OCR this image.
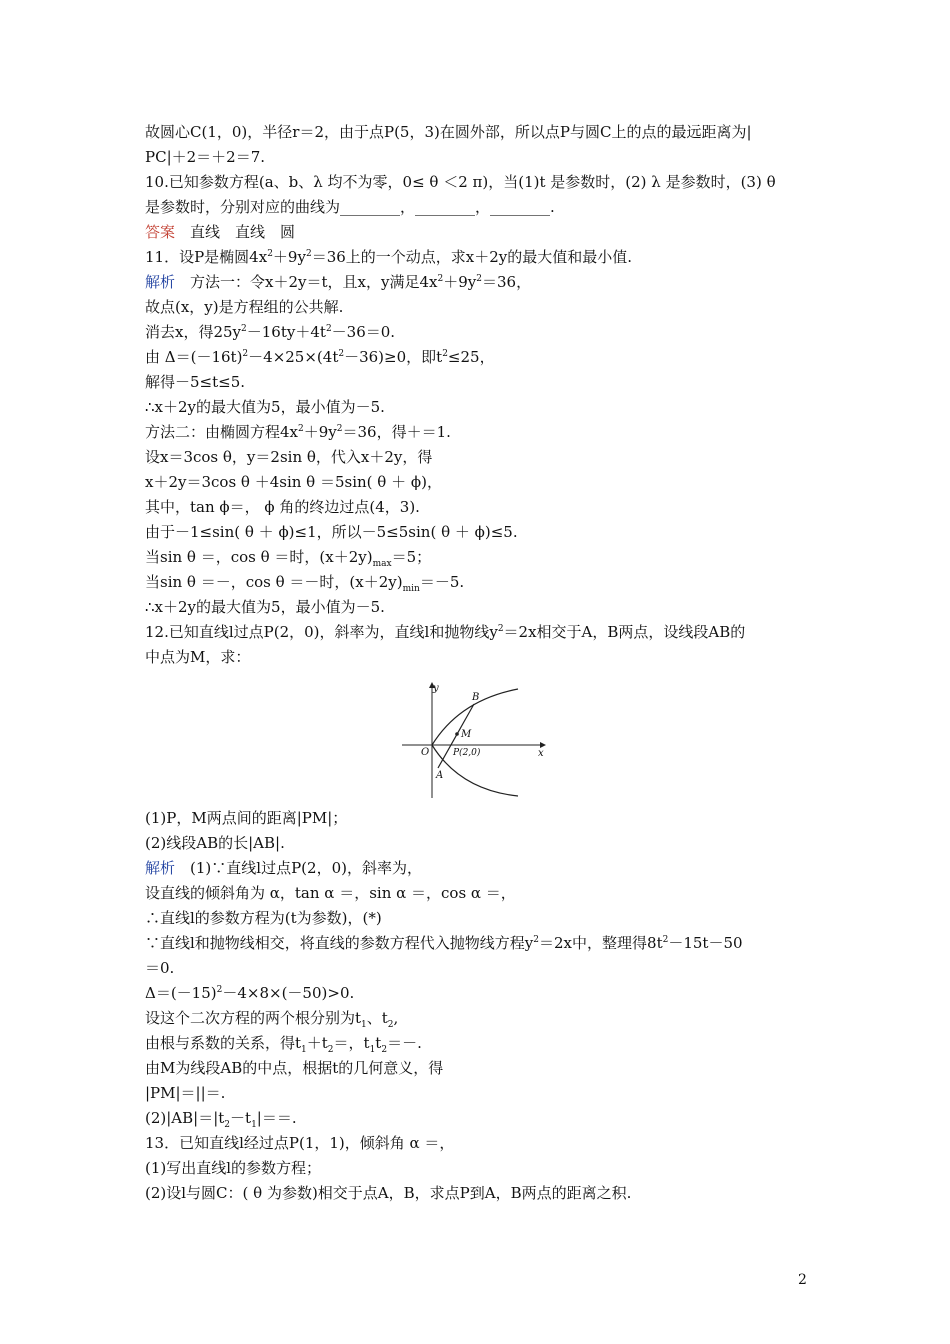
故圆心C(1，0)，半径r＝2，由于点P(5，3)在圆外部，所以点P与圆C上的点的最远距离为|
PC|＋2＝＋2＝7.
10.已知参数方程(a、b、λ 均不为零，0≤ θ ＜2 π)，当(1)t 是参数时，(2) λ 是参数时，(3) θ
是参数时，分别对应的曲线为________，________，________.
答案　 直线　直线　圆
11．设P是椭圆$4x^2+9y^2=36$上的一个动点，求x＋2y的最大值和最小值.
解析　 方法一：令x＋2y＝t，且x，y满足$4x^2+9y^2=36$，
故点(x，y)是方程组的公共解.
消去x，得$25y^2-16ty+4t^2-36=0$.
由 $\Delta=(-16t)^2-4\times 25\times(4t^2-36)\ge 0$，即$t^2\le 25$，
解得－5≤t≤5.
∴x＋2y的最大值为5，最小值为－5.
方法二：由椭圆方程$4x^2+9y^2=36$，得＋＝1.
设x＝3cos θ，y＝2sin θ，代入x＋2y，得
x＋2y＝3cos θ ＋4sin θ ＝5sin( θ ＋ ϕ)，
其中，tan ϕ＝， ϕ 角的终边过点(4，3).
由于－1≤sin( θ ＋ ϕ)≤1，所以－5≤5sin( θ ＋ ϕ)≤5.
当sin θ ＝，cos θ ＝时，$(x+2y)_{max}=5$；
当sin θ ＝－，cos θ ＝－时，$(x+2y)_{min}=-5$.
∴x＋2y的最大值为5，最小值为－5.
12.已知直线l过点P(2，0)，斜率为，直线l和抛物线$y^2=2x$相交于A，B两点，设线段AB的
中点为M，求：
y
x
O
B
A
M
P(2,0)
(1)P，M两点间的距离|PM|；
(2)线段AB的长|AB|.
解析　 (1)∵直线l过点P(2，0)，斜率为，
设直线的倾斜角为 α，tan α ＝，sin α ＝，cos α ＝，
∴直线l的参数方程为(t为参数)，(*)
∵直线l和抛物线相交，将直线的参数方程代入抛物线方程$y^2=2x$中，整理得$8t^2-15t-50$
＝0.
$\Delta=(-15)^2-4\times 8\times(-50)>0$.
设这个二次方程的两个根分别为$t_1$、$t_2$,
由根与系数的关系，得$t_1+t_2=$，$t_1t_2=-$.
由M为线段AB的中点，根据t的几何意义，得
|PM|＝||＝.
$(2)|AB|=|t_2-t_1|==$.
13．已知直线l经过点P(1，1)，倾斜角 α ＝，
(1)写出直线l的参数方程；
(2)设l与圆C：( θ 为参数)相交于点A，B，求点P到A，B两点的距离之积.
2
